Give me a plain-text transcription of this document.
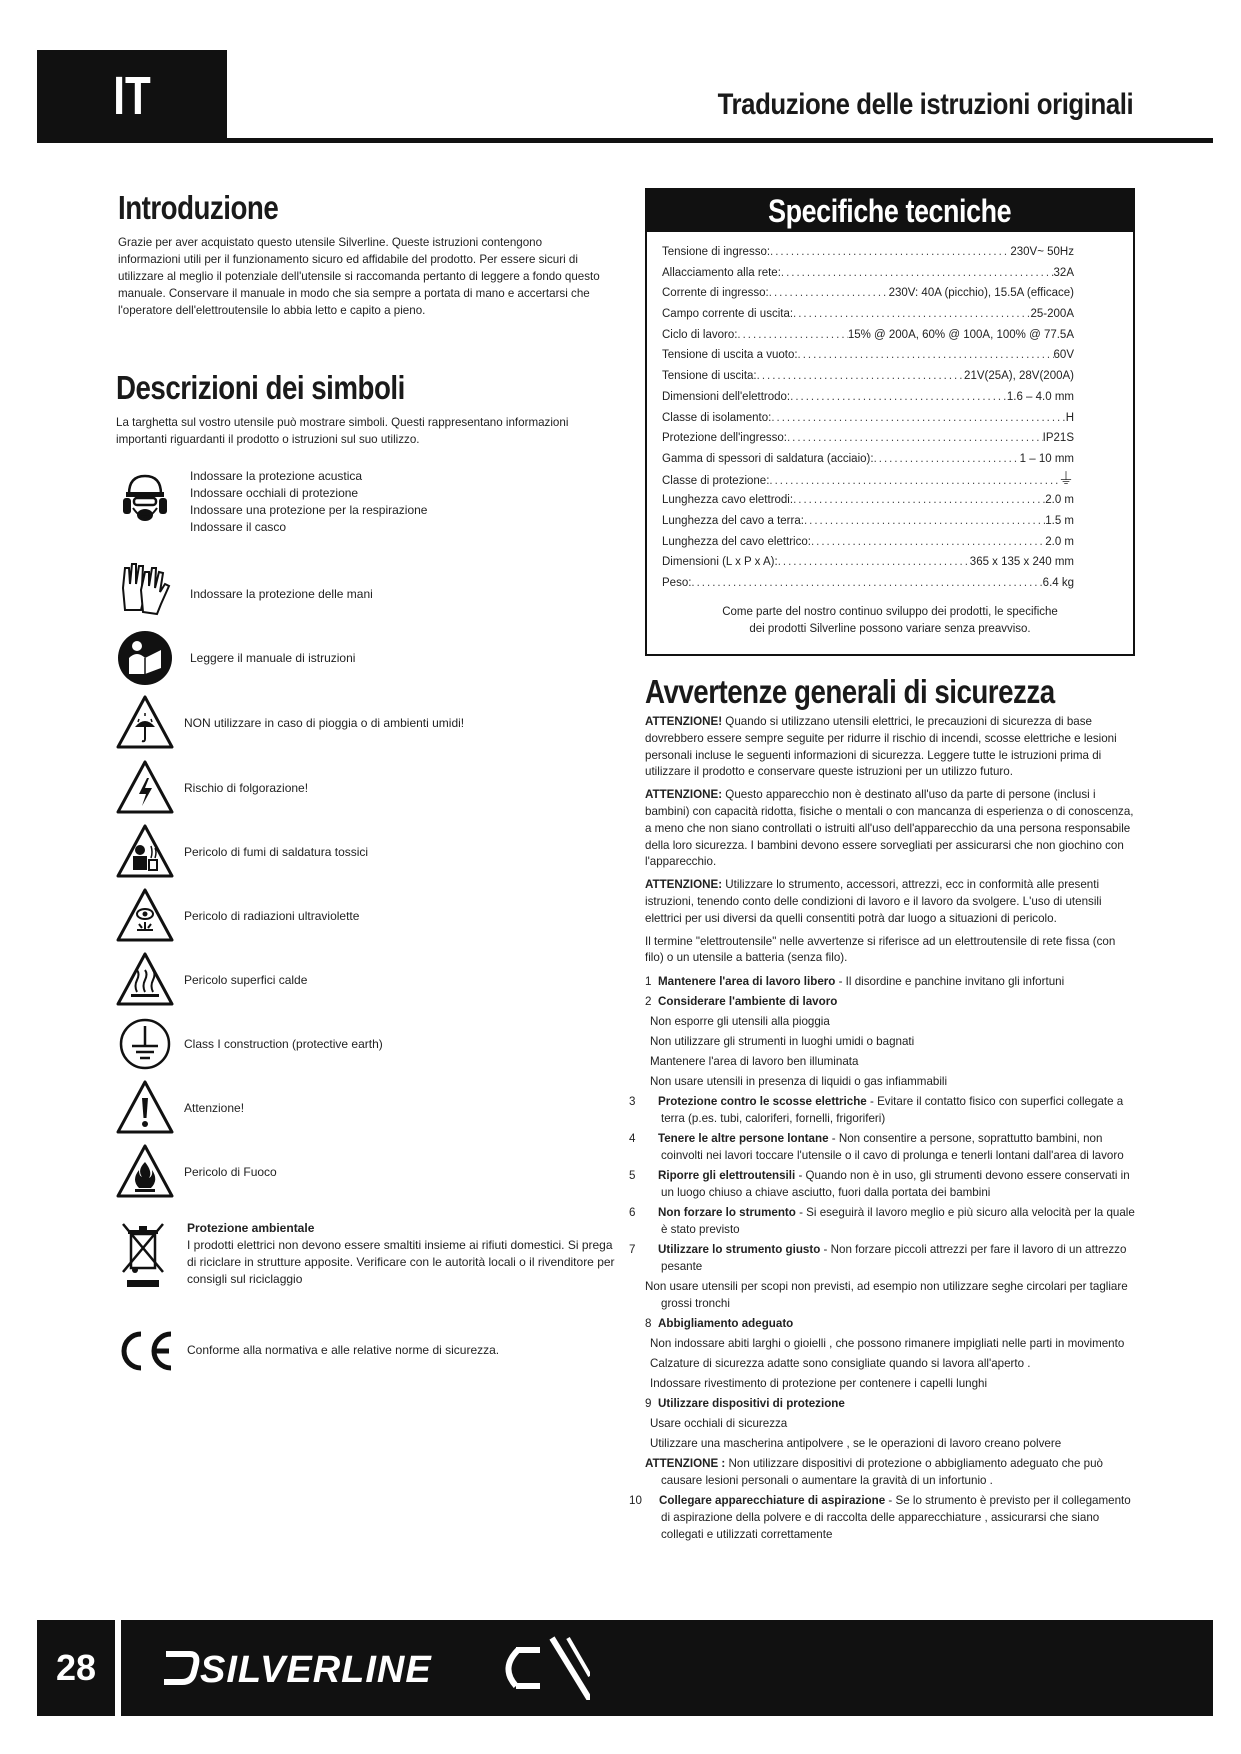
IT	Traduzione delle istruzioni originali
Introduzione

Grazie per aver acquistato questo utensile Silverline. Queste istruzioni contengono informazioni utili per il funzionamento sicuro ed affidabile del prodotto. Per essere sicuri di utilizzare al meglio il potenziale dell'utensile si raccomanda pertanto di leggere a fondo questo manuale. Conservare il manuale in modo che sia sempre a portata di mano e accertarsi che l'operatore dell'elettroutensile lo abbia letto e capito a pieno.

Descrizioni dei simboli

La targhetta sul vostro utensile può mostrare simboli. Questi rappresentano informazioni importanti riguardanti il prodotto o istruzioni sul suo utilizzo.

Indossare la protezione acustica
Indossare occhiali di protezione
Indossare una protezione per la respirazione
Indossare il casco
Indossare la protezione delle mani
Leggere il manuale di istruzioni
NON utilizzare in caso di pioggia o di ambienti umidi!
Rischio di folgorazione!
Pericolo di fumi di saldatura tossici
Pericolo di radiazioni ultraviolette
Pericolo superfici calde
Class I construction (protective earth)
Attenzione!
Pericolo di Fuoco
Protezione ambientale
I prodotti elettrici non devono essere smaltiti insieme ai rifiuti domestici. Si prega
di riciclare in strutture apposite. Verificare con le autorità locali o il rivenditore per
consigli sul riciclaggio
Conforme alla normativa e alle relative norme di sicurezza.
Specifiche tecniche
Tensione di ingresso: .....	230V~ 50Hz
Allacciamento alla rete: .....	32A
Corrente di ingresso: .....	230V: 40A (picchio), 15.5A (efficace)
Campo corrente di uscita: .....	25-200A
Ciclo di lavoro: .....	15% @ 200A, 60% @ 100A, 100% @ 77.5A
Tensione di uscita a vuoto: .....	60V
Tensione di uscita: .....	21V(25A), 28V(200A)
Dimensioni dell'elettrodo: .....	1.6 – 4.0 mm
Classe di isolamento: .....	H
Protezione dell'ingresso: .....	IP21S
Gamma di spessori di saldatura (acciaio): .....	1 – 10 mm
Classe di protezione: .....	⏚
Lunghezza cavo elettrodi: .....	2.0 m
Lunghezza del cavo a terra: .....	1.5 m
Lunghezza del cavo elettrico: .....	2.0 m
Dimensioni (L x P x A): .....	365 x 135 x 240 mm
Peso: .....	6.4 kg
Come parte del nostro continuo sviluppo dei prodotti, le specifiche
dei prodotti Silverline possono variare senza preavviso.
Avvertenze generali di sicurezza

ATTENZIONE! Quando si utilizzano utensili elettrici, le precauzioni di sicurezza di base dovrebbero essere sempre seguite per ridurre il rischio di incendi, scosse elettriche e lesioni personali incluse le seguenti informazioni di sicurezza. Leggere tutte le istruzioni prima di utilizzare il prodotto e conservare queste istruzioni per un utilizzo futuro.

ATTENZIONE: Questo apparecchio non è destinato all'uso da parte di persone (inclusi i bambini) con capacità ridotta, fisiche o mentali o con mancanza di esperienza o di conoscenza, a meno che non siano controllati o istruiti all'uso dell'apparecchio da una persona responsabile della loro sicurezza. I bambini devono essere sorvegliati per assicurarsi che non giochino con l'apparecchio.

ATTENZIONE: Utilizzare lo strumento, accessori, attrezzi, ecc in conformità alle presenti istruzioni, tenendo conto delle condizioni di lavoro e il lavoro da svolgere. L'uso di utensili elettrici per usi diversi da quelli consentiti potrà dar luogo a situazioni di pericolo.

Il termine "elettroutensile" nelle avvertenze si riferisce ad un elettroutensile di rete fissa (con filo) o un utensile a batteria (senza filo).

1 Mantenere l'area di lavoro libero - Il disordine e panchine invitano gli infortuni
2 Considerare l'ambiente di lavoro
Non esporre gli utensili alla pioggia
Non utilizzare gli strumenti in luoghi umidi o bagnati
Mantenere l'area di lavoro ben illuminata
Non usare utensili in presenza di liquidi o gas infiammabili
3 Protezione contro le scosse elettriche - Evitare il contatto fisico con superfici collegate a terra (p.es. tubi, caloriferi, fornelli, frigoriferi)
4 Tenere le altre persone lontane - Non consentire a persone, soprattutto bambini, non coinvolti nei lavori toccare l'utensile o il cavo di prolunga e tenerli lontani dall'area di lavoro
5 Riporre gli elettroutensili - Quando non è in uso, gli strumenti devono essere conservati in un luogo chiuso a chiave asciutto, fuori dalla portata dei bambini
6 Non forzare lo strumento - Si eseguirà il lavoro meglio e più sicuro alla velocità per la quale è stato previsto
7 Utilizzare lo strumento giusto - Non forzare piccoli attrezzi per fare il lavoro di un attrezzo pesante
Non usare utensili per scopi non previsti, ad esempio non utilizzare seghe circolari per tagliare grossi tronchi
8 Abbigliamento adeguato
Non indossare abiti larghi o gioielli , che possono rimanere impigliati nelle parti in movimento
Calzature di sicurezza adatte sono consigliate quando si lavora all'aperto .
Indossare rivestimento di protezione per contenere i capelli lunghi
9 Utilizzare dispositivi di protezione
Usare occhiali di sicurezza
Utilizzare una mascherina antipolvere , se le operazioni di lavoro creano polvere
ATTENZIONE : Non utilizzare dispositivi di protezione o abbigliamento adeguato che può causare lesioni personali o aumentare la gravità di un infortunio .
10 Collegare apparecchiature di aspirazione - Se lo strumento è previsto per il collegamento di aspirazione della polvere e di raccolta delle apparecchiature , assicurarsi che siano collegati e utilizzati correttamente
28	SILVERLINE
